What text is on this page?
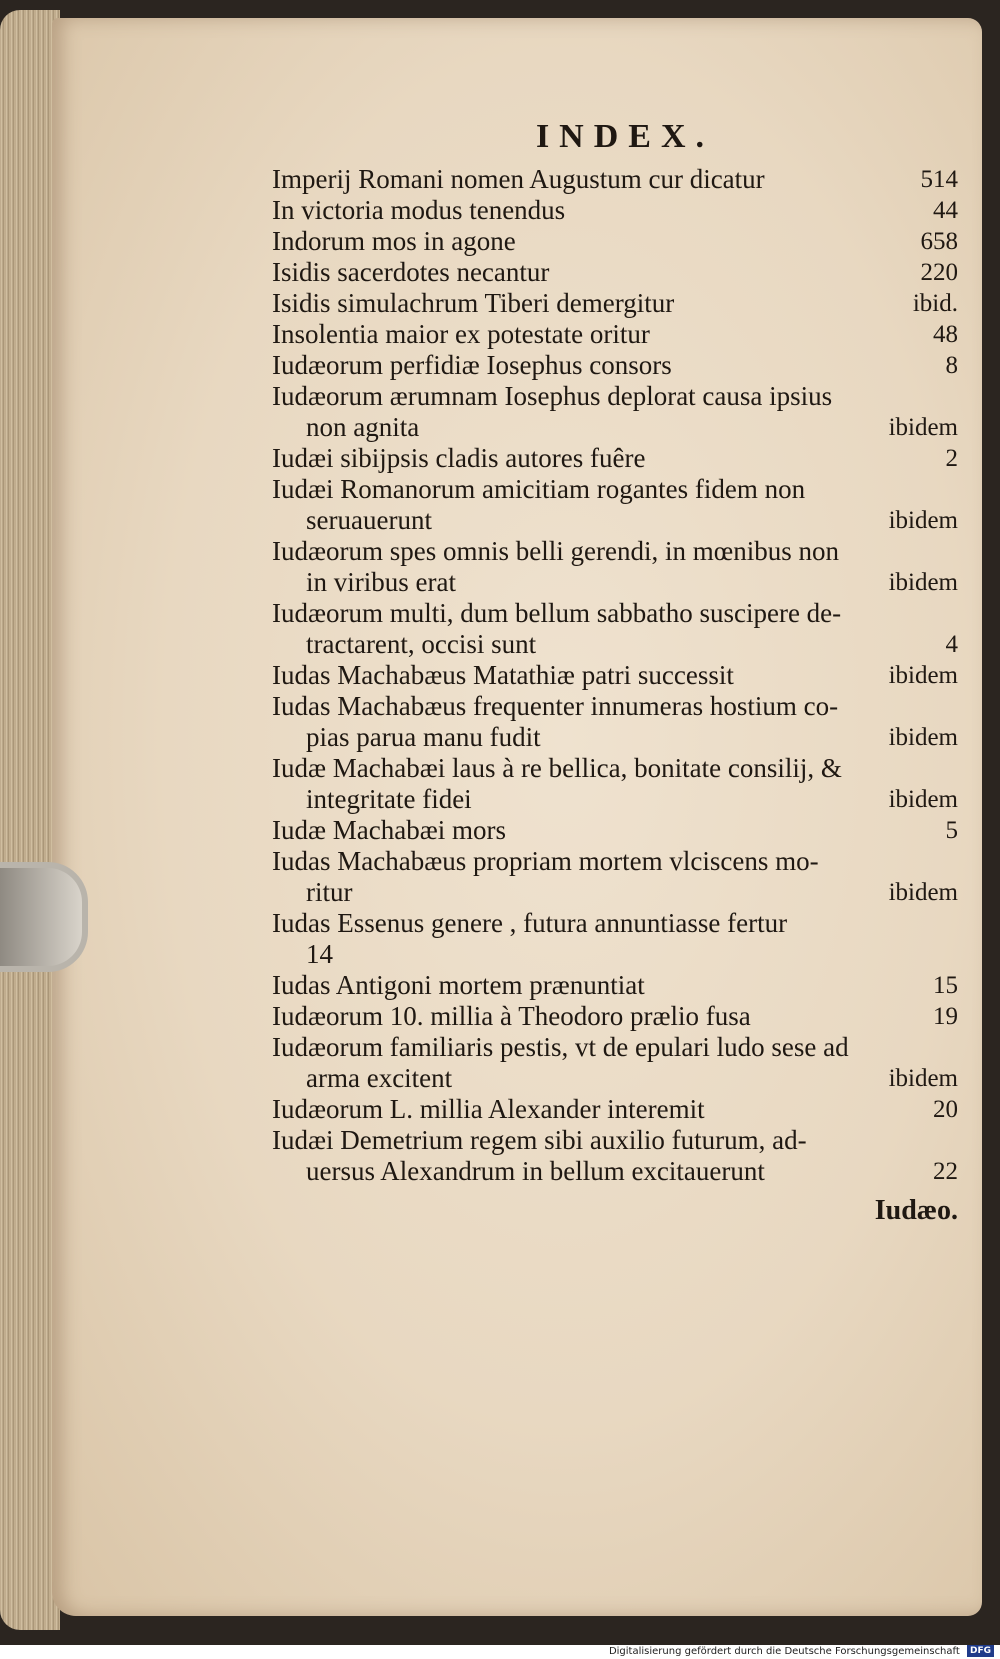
INDEX.
Imperij Romani nomen Augustum cur dicatur	514
In victoria modus tenendus	44
Indorum mos in agone	658
Isidis sacerdotes necantur	220
Isidis simulachrum Tiberi demergitur	ibid.
Insolentia maior ex potestate oritur	48
Iudæorum perfidiæ Iosephus consors	8
Iudæorum ærumnam Iosephus deplorat causa ipsius
non agnita	ibidem
Iudæi sibijpsis cladis autores fuêre	2
Iudæi Romanorum amicitiam rogantes fidem non
seruauerunt	ibidem
Iudæorum spes omnis belli gerendi, in mœnibus non
in viribus erat	ibidem
Iudæorum multi, dum bellum sabbatho suscipere de-
tractarent, occisi sunt	4
Iudas Machabæus Matathiæ patri successit	ibidem
Iudas Machabæus frequenter innumeras hostium co-
pias parua manu fudit	ibidem
Iudæ Machabæi laus à re bellica, bonitate consilij, &
integritate fidei	ibidem
Iudæ Machabæi mors	5
Iudas Machabæus propriam mortem vlciscens mo-
ritur	ibidem
Iudas Essenus genere , futura annuntiasse fertur
14
Iudas Antigoni mortem prænuntiat	15
Iudæorum 10. millia à Theodoro prælio fusa	19
Iudæorum familiaris pestis, vt de epulari ludo sese ad
arma excitent	ibidem
Iudæorum L. millia Alexander interemit	20
Iudæi Demetrium regem sibi auxilio futurum, ad-
uersus Alexandrum in bellum excitauerunt	22
Iudæo.
Digitalisierung gefördert durch die Deutsche Forschungsgemeinschaft DFG
